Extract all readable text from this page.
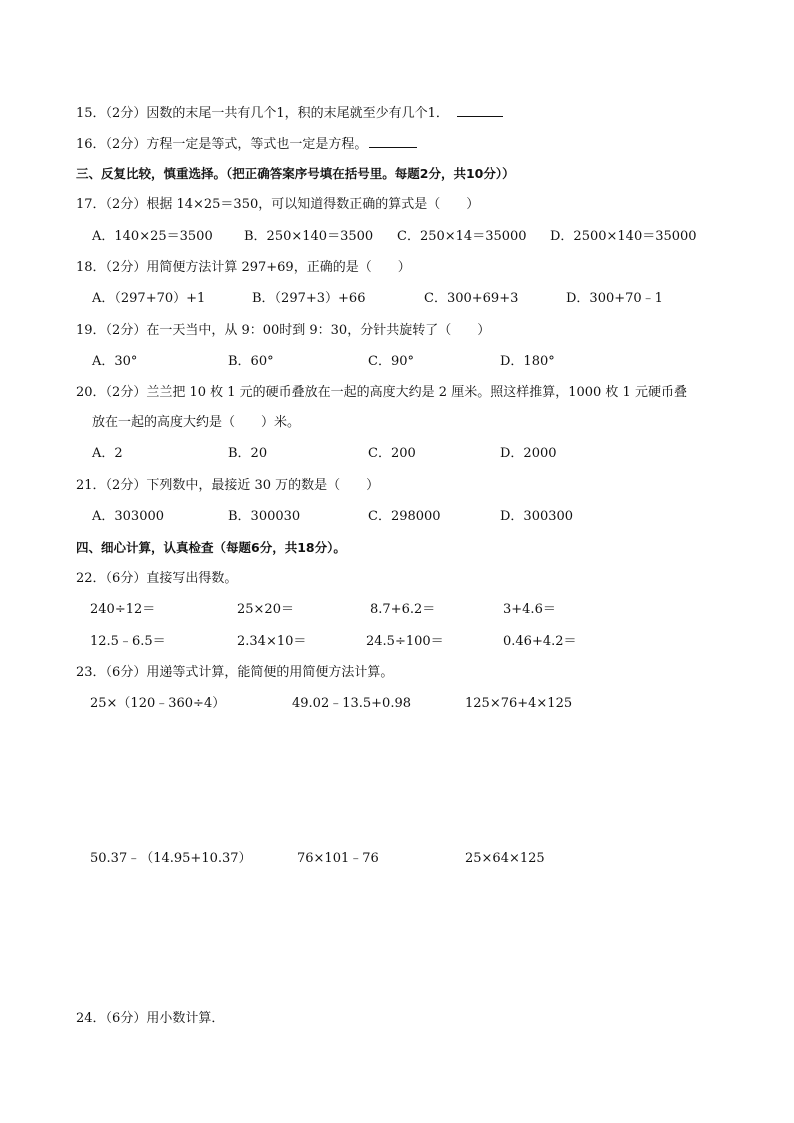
15．（2分）因数的末尾一共有几个1，积的末尾就至少有几个1．
16．（2分）方程一定是等式，等式也一定是方程。
三、反复比较，慎重选择。（把正确答案序号填在括号里。每题2分，共10分））
17．（2分）根据 14×25＝350，可以知道得数正确的算式是（　　）
A．140×25＝3500 B．250×140＝3500 C．250×14＝35000 D．2500×140＝35000
18．（2分）用简便方法计算 297+69，正确的是（　　）
A．（297+70）+1	B．（297+3）+66	C．300+69+3	D．300+70﹣1
19．（2分）在一天当中，从 9：00时到 9：30，分针共旋转了（　　）
A．30°	B．60°	C．90°	D．180°
20．（2分）兰兰把 10 枚 1 元的硬币叠放在一起的高度大约是 2 厘米。照这样推算，1000 枚 1 元硬币叠
放在一起的高度大约是（　　）米。
A．2	B．20	C．200	D．2000
21．（2分）下列数中，最接近 30 万的数是（　　）
A．303000	B．300030	C．298000	D．300300
四、细心计算，认真检查（每题6分，共18分）。
22．（6分）直接写出得数。
240÷12＝	25×20＝	8.7+6.2＝	3+4.6＝
12.5﹣6.5＝	2.34×10＝	24.5÷100＝	0.46+4.2＝
23．（6分）用递等式计算，能简便的用简便方法计算。
25×（120﹣360÷4）	49.02﹣13.5+0.98	125×76+4×125
50.37﹣（14.95+10.37）	76×101﹣76	25×64×125
24．（6分）用小数计算．
